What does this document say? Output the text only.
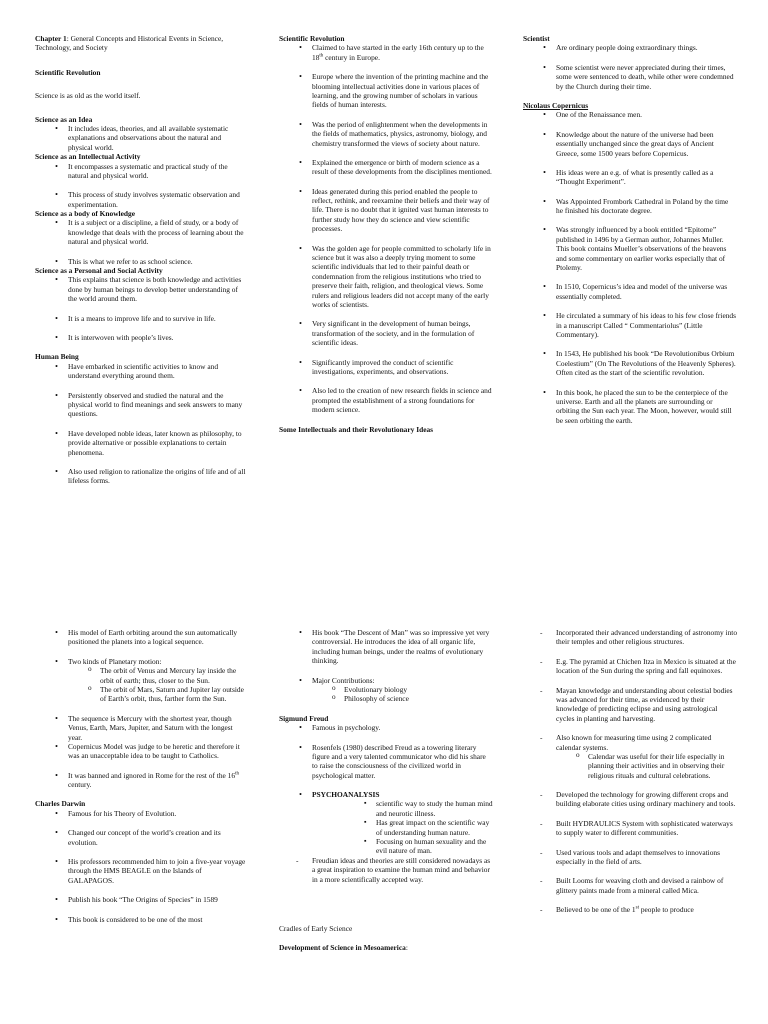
Chapter 1: General Concepts and Historical Events in Science, Technology, and Society

Scientific Revolution

Science is as old as the world itself.

Science as an Idea
• It includes ideas, theories, and all available systematic explanations and observations about the natural and physical world.
Science as an Intellectual Activity
• It encompasses a systematic and practical study of the natural and physical world.
• This process of study involves systematic observation and experimentation.
Science as a body of Knowledge
• It is a subject or a discipline, a field of study, or a body of knowledge that deals with the process of learning about the natural and physical world.
• This is what we refer to as school science.
Science as a Personal and Social Activity
• This explains that science is both knowledge and activities done by human beings to develop better understanding of the world around them.
• It is a means to improve life and to survive in life.
• It is interwoven with people’s lives.
Human Being
• Have embarked in scientific activities to know and understand everything around them.
• Persistently observed and studied the natural and the physical world to find meanings and seek answers to many questions.
• Have developed noble ideas, later known as philosophy, to provide alternative or possible explanations to certain phenomena.
• Also used religion to rationalize the origins of life and of all lifeless forms.
Scientific Revolution
• Claimed to have started in the early 16th century up to the 18th century in Europe.
• Europe where the invention of the printing machine and the blooming intellectual activities done in various places of learning, and the growing number of scholars in various fields of human interests.
• Was the period of enlightenment when the developments in the fields of mathematics, physics, astronomy, biology, and chemistry transformed the views of society about nature.
• Explained the emergence or birth of modern science as a result of these developments from the disciplines mentioned.
• Ideas generated during this period enabled the people to reflect, rethink, and reexamine their beliefs and their way of life. There is no doubt that it ignited vast human interests to further study how they do science and view scientific processes.
• Was the golden age for people committed to scholarly life in science but it was also a deeply trying moment to some scientific individuals that led to their painful death or condemnation from the religious institutions who tried to preserve their faith, religion, and theological views. Some rulers and religious leaders did not accept many of the early works of scientists.
• Very significant in the development of human beings, transformation of the society, and in the formulation of scientific ideas.
• Significantly improved the conduct of scientific investigations, experiments, and observations.
• Also led to the creation of new research fields in science and prompted the establishment of a strong foundations for modern science.
Some Intellectuals and their Revolutionary Ideas
Scientist
• Are ordinary people doing extraordinary things.
• Some scientist were never appreciated during their times, some were sentenced to death, while other were condemned by the Church during their time.
Nicolaus Copernicus
• One of the Renaissance men.
• Knowledge about the nature of the universe had been essentially unchanged since the great days of Ancient Greece, some 1500 years before Copernicus.
• His ideas were an e.g. of what is presently called as a “Thought Experiment”.
• Was Appointed Frombork Cathedral in Poland by the time he finished his doctorate degree.
• Was strongly influenced by a book entitled “Epitome” published in 1496 by a German author, Johannes Muller. This book contains Mueller’s observations of the heavens and some commentary on earlier works especially that of Ptolemy.
• In 1510, Copernicus’s idea and model of the universe was essentially completed.
• He circulated a summary of his ideas to his few close friends in a manuscript Called “ Commentariolus” (Little Commentary).
• In 1543, He published his book “De Revolutionibus Orbium Coelestium” (On The Revolutions of the Heavenly Spheres). Often cited as the start of the scientific revolution.
• In this book, he placed the sun to be the centerpiece of the universe. Earth and all the planets are surrounding or orbiting the Sun each year. The Moon, however, would still be seen orbiting the earth.
• His model of Earth orbiting around the sun automatically positioned the planets into a logical sequence.
• Two kinds of Planetary motion:
o The orbit of Venus and Mercury lay inside the orbit of earth; thus, closer to the Sun.
o The orbit of Mars, Saturn and Jupiter lay outside of Earth’s orbit, thus, farther form the Sun.
• The sequence is Mercury with the shortest year, though Venus, Earth, Mars, Jupiter, and Saturn with the longest year.
• Copernicus Model was judge to be heretic and therefore it was an unacceptable idea to be taught to Catholics.
• It was banned and ignored in Rome for the rest of the 16th century.
Charles Darwin
• Famous for his Theory of Evolution.
• Changed our concept of the world’s creation and its evolution.
• His professors recommended him to join a five-year voyage through the HMS BEAGLE on the Islands of GALAPAGOS.
• Publish his book “The Origins of Species” in 1589
• This book is considered to be one of the most
• His book “The Descent of Man” was so impressive yet very controversial. He introduces the idea of all organic life, including human beings, under the realms of evolutionary thinking.
• Major Contributions:
o Evolutionary biology
o Philosophy of science
Sigmund Freud
• Famous in psychology.
• Rosenfels (1980) described Freud as a towering literary figure and a very talented communicator who did his share to raise the consciousness of the civilized world in psychological matter.
• PSYCHOANALYSIS
▪ scientific way to study the human mind and neurotic illness.
▪ Has great impact on the scientific way of understanding human nature.
▪ Focusing on human sexuality and the evil nature of man.
- Freudian ideas and theories are still considered nowadays as a great inspiration to examine the human mind and behavior in a more scientifically accepted way.

Cradles of Early Science

Development of Science in Mesoamerica:
- Incorporated their advanced understanding of astronomy into their temples and other religious structures.
- E.g. The pyramid at Chichen Itza in Mexico is situated at the location of the Sun during the spring and fall equinoxes.
- Mayan knowledge and understanding about celestial bodies was advanced for their time, as evidenced by their knowledge of predicting eclipse and using astrological cycles in planting and harvesting.
- Also known for measuring time using 2 complicated calendar systems.
o Calendar was useful for their life especially in planning their activities and in observing their religious rituals and cultural celebrations.
- Developed the technology for growing different crops and building elaborate cities using ordinary machinery and tools.
- Built HYDRAULICS System with sophisticated waterways to supply water to different communities.
- Used various tools and adapt themselves to innovations especially in the field of arts.
- Built Looms for weaving cloth and devised a rainbow of glittery paints made from a mineral called Mica.
- Believed to be one of the 1st people to produce
